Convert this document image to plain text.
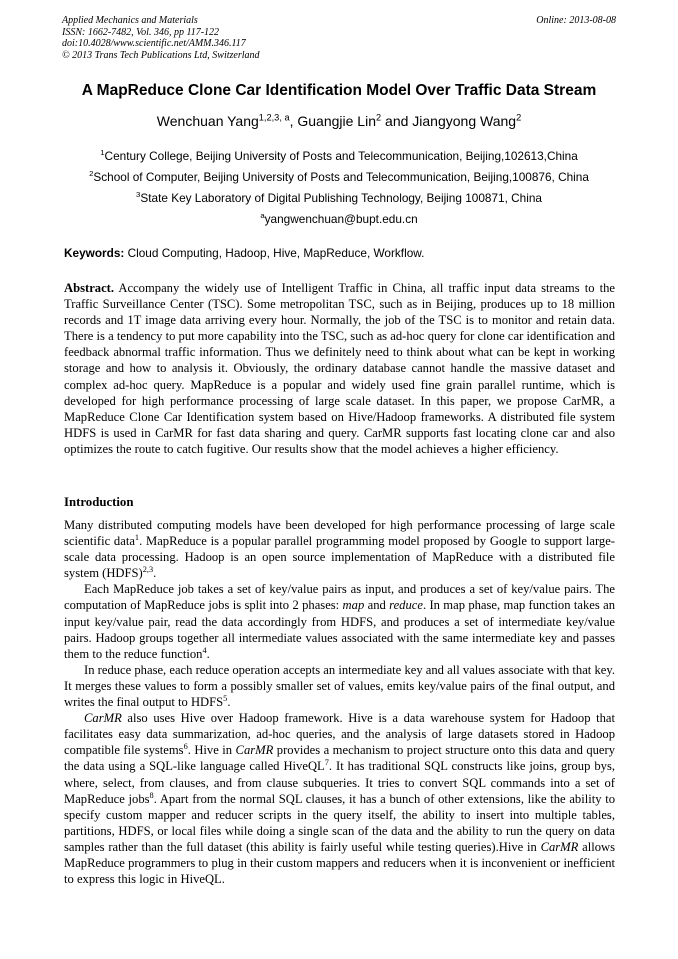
Applied Mechanics and Materials
ISSN: 1662-7482, Vol. 346, pp 117-122
doi:10.4028/www.scientific.net/AMM.346.117
© 2013 Trans Tech Publications Ltd, Switzerland
Online: 2013-08-08
A MapReduce Clone Car Identification Model Over Traffic Data Stream
Wenchuan Yang$^{1,2,3, a}$, Guangjie Lin$^2$ and Jiangyong Wang$^2$
$^1$Century College, Beijing University of Posts and Telecommunication, Beijing,102613,China
$^2$School of Computer, Beijing University of Posts and Telecommunication, Beijing,100876, China
$^3$State Key Laboratory of Digital Publishing Technology, Beijing 100871, China
$^a$yangwenchuan@bupt.edu.cn
Keywords: Cloud Computing, Hadoop, Hive, MapReduce, Workflow.
Abstract. Accompany the widely use of Intelligent Traffic in China, all traffic input data streams to the Traffic Surveillance Center (TSC). Some metropolitan TSC, such as in Beijing, produces up to 18 million records and 1T image data arriving every hour. Normally, the job of the TSC is to monitor and retain data. There is a tendency to put more capability into the TSC, such as ad-hoc query for clone car identification and feedback abnormal traffic information. Thus we definitely need to think about what can be kept in working storage and how to analysis it. Obviously, the ordinary database cannot handle the massive dataset and complex ad-hoc query. MapReduce is a popular and widely used fine grain parallel runtime, which is developed for high performance processing of large scale dataset. In this paper, we propose CarMR, a MapReduce Clone Car Identification system based on Hive/Hadoop frameworks. A distributed file system HDFS is used in CarMR for fast data sharing and query. CarMR supports fast locating clone car and also optimizes the route to catch fugitive. Our results show that the model achieves a higher efficiency.
Introduction

Many distributed computing models have been developed for high performance processing of large scale scientific data$^1$. MapReduce is a popular parallel programming model proposed by Google to support large-scale data processing. Hadoop is an open source implementation of MapReduce with a distributed file system (HDFS)$^{2,3}$.

Each MapReduce job takes a set of key/value pairs as input, and produces a set of key/value pairs. The computation of MapReduce jobs is split into 2 phases: map and reduce. In map phase, map function takes an input key/value pair, read the data accordingly from HDFS, and produces a set of intermediate key/value pairs. Hadoop groups together all intermediate values associated with the same intermediate key and passes them to the reduce function$^4$.

In reduce phase, each reduce operation accepts an intermediate key and all values associate with that key. It merges these values to form a possibly smaller set of values, emits key/value pairs of the final output, and writes the final output to HDFS$^5$.

CarMR also uses Hive over Hadoop framework. Hive is a data warehouse system for Hadoop that facilitates easy data summarization, ad-hoc queries, and the analysis of large datasets stored in Hadoop compatible file systems$^6$. Hive in CarMR provides a mechanism to project structure onto this data and query the data using a SQL-like language called HiveQL$^7$. It has traditional SQL constructs like joins, group bys, where, select, from clauses, and from clause subqueries. It tries to convert SQL commands into a set of MapReduce jobs$^8$. Apart from the normal SQL clauses, it has a bunch of other extensions, like the ability to specify custom mapper and reducer scripts in the query itself, the ability to insert into multiple tables, partitions, HDFS, or local files while doing a single scan of the data and the ability to run the query on data samples rather than the full dataset (this ability is fairly useful while testing queries).Hive in CarMR allows MapReduce programmers to plug in their custom mappers and reducers when it is inconvenient or inefficient to express this logic in HiveQL.
